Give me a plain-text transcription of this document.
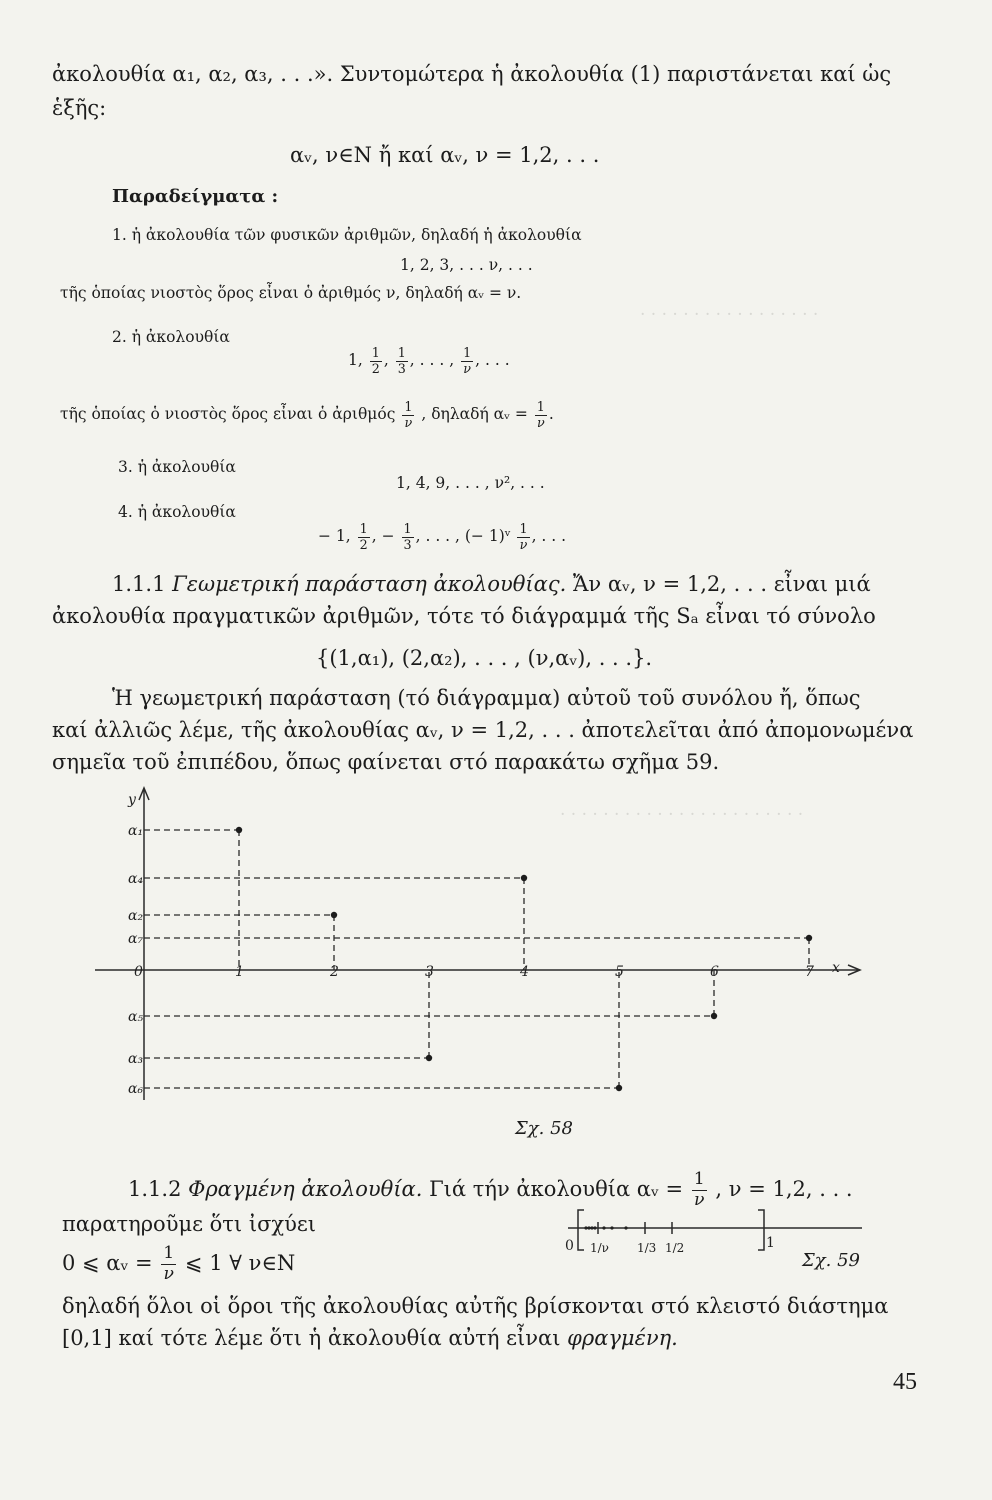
. . . . . . . . . . . . . . . . .
. . . . . . . . . . . . . . . . . . . . . . .
ἀκολουθία α₁, α₂, α₃, . . .». Συντομώτερα ἡ ἀκολουθία (1) παριστάνεται καί ὡς
ἑξῆς:
αᵥ, ν∈N ἤ καί αᵥ, ν = 1,2, . . .
Παραδείγματα :
1. ἡ ἀκολουθία τῶν φυσικῶν ἀριθμῶν, δηλαδή ἡ ἀκολουθία
1, 2, 3, . . . ν, . . .
τῆς ὁποίας νιοστὸς ὅρος εἶναι ὁ ἀριθμός ν, δηλαδή αᵥ = ν.
2. ἡ ἀκολουθία
1, $\frac{1}{2}$ , $\frac{1}{3}$ , . . . , $\frac{1}{\nu}$ , . . .
τῆς ὁποίας ὁ νιοστὸς ὅρος εἶναι ὁ ἀριθμός $\frac{1}{\nu}$ , δηλαδή αᵥ = $\frac{1}{\nu}$ .
3. ἡ ἀκολουθία
1, 4, 9, . . . , ν², . . .
4. ἡ ἀκολουθία
− 1, $\frac{1}{2}$ , − $\frac{1}{3}$ , . . . , (− 1)ᵛ $\frac{1}{\nu}$ , . . .
1.1.1 Γεωμετρική παράσταση ἀκολουθίας. Ἄν αᵥ, ν = 1,2, . . . εἶναι μιά
ἀκολουθία πραγματικῶν ἀριθμῶν, τότε τό διάγραμμά τῆς Sₐ εἶναι τό σύνολο
{(1,α₁), (2,α₂), . . . , (ν,αᵥ), . . .}.
Ἡ γεωμετρική παράσταση (τό διάγραμμα) αὐτοῦ τοῦ συνόλου ἤ, ὅπως
καί ἀλλιῶς λέμε, τῆς ἀκολουθίας αᵥ, ν = 1,2, . . . ἀποτελεῖται ἀπό ἀπομονωμένα
σημεῖα τοῦ ἐπιπέδου, ὅπως φαίνεται στό παρακάτω σχῆμα 59.
α₁
α₄
α₂
α₇
α₅
α₃
α₆
1	2	3	4	5	6	7
0	x
y
Σχ. 58
1.1.2 Φραγμένη ἀκολουθία. Γιά τήν ἀκολουθία αᵥ = $\frac{1}{\nu}$ , ν = 1,2, . . .
παρατηροῦμε ὅτι ἰσχύει
0 ⩽ αᵥ = $\frac{1}{\nu}$ ⩽ 1 ∀ ν∈N
0	1
1/ν 1/3 1/2
Σχ. 59
δηλαδή ὅλοι οἱ ὅροι τῆς ἀκολουθίας αὐτῆς βρίσκονται στό κλειστό διάστημα
[0,1] καί τότε λέμε ὅτι ἡ ἀκολουθία αὐτή εἶναι φραγμένη.
45
